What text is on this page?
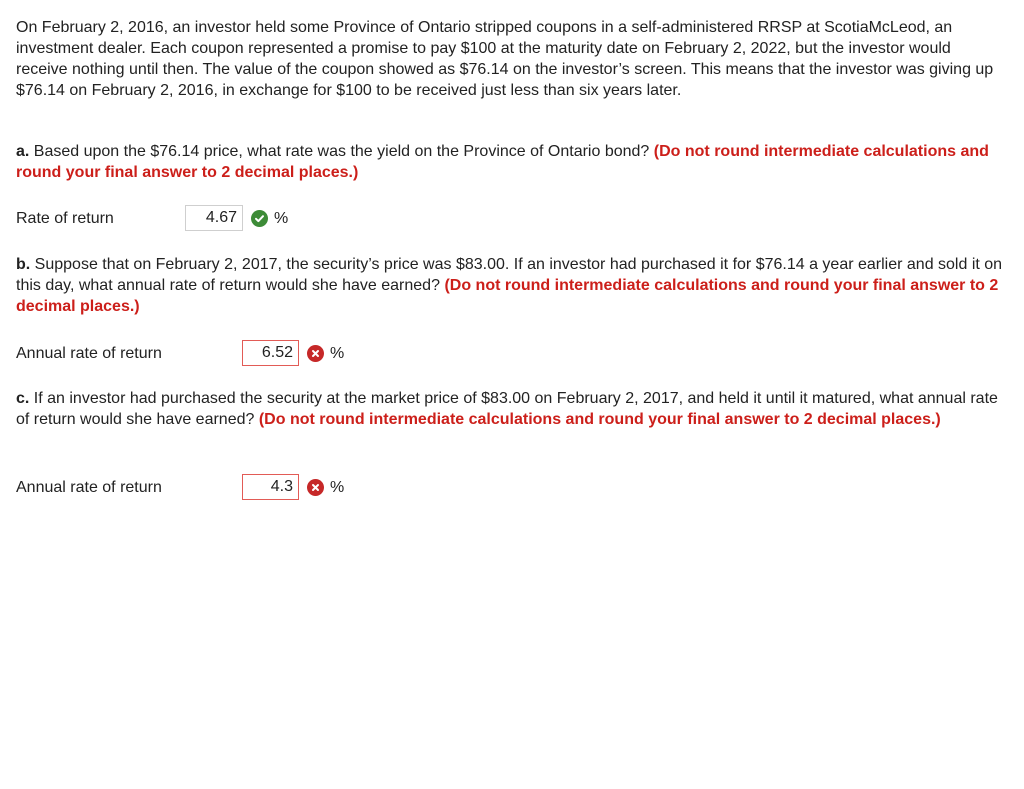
On February 2, 2016, an investor held some Province of Ontario stripped coupons in a self-administered RRSP at ScotiaMcLeod, an investment dealer. Each coupon represented a promise to pay $100 at the maturity date on February 2, 2022, but the investor would receive nothing until then. The value of the coupon showed as $76.14 on the investor’s screen. This means that the investor was giving up $76.14 on February 2, 2016, in exchange for $100 to be received just less than six years later.

a. Based upon the $76.14 price, what rate was the yield on the Province of Ontario bond? (Do not round intermediate calculations and round your final answer to 2 decimal places.)

Rate of return	4.67	%

b. Suppose that on February 2, 2017, the security’s price was $83.00. If an investor had purchased it for $76.14 a year earlier and sold it on this day, what annual rate of return would she have earned? (Do not round intermediate calculations and round your final answer to 2 decimal places.)

Annual rate of return	6.52	%

c. If an investor had purchased the security at the market price of $83.00 on February 2, 2017, and held it until it matured, what annual rate of return would she have earned? (Do not round intermediate calculations and round your final answer to 2 decimal places.)

Annual rate of return	4.3	%
